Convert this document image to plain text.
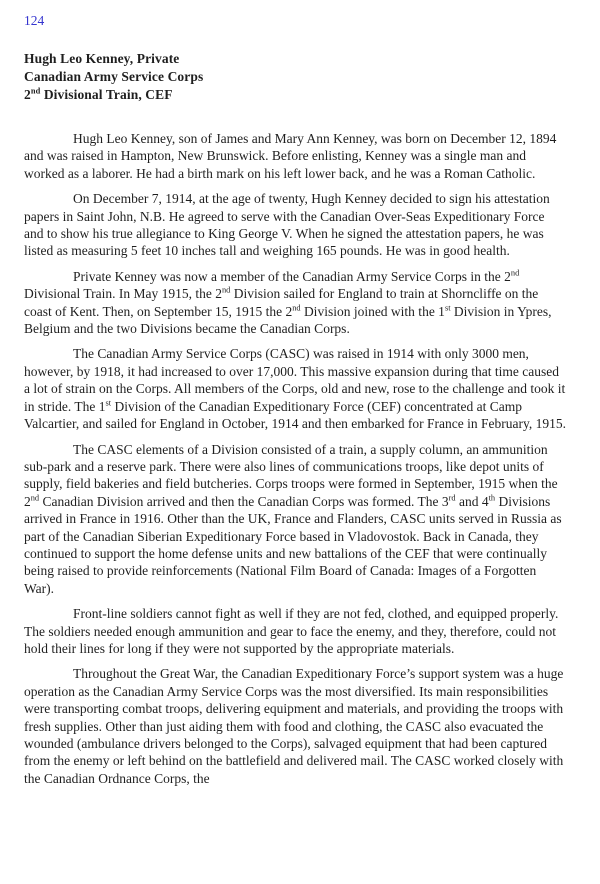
124
Hugh Leo Kenney, Private
Canadian Army Service Corps
2nd Divisional Train, CEF

Hugh Leo Kenney, son of James and Mary Ann Kenney, was born on December 12, 1894 and was raised in Hampton, New Brunswick. Before enlisting, Kenney was a single man and worked as a laborer. He had a birth mark on his left lower back, and he was a Roman Catholic.

On December 7, 1914, at the age of twenty, Hugh Kenney decided to sign his attestation papers in Saint John, N.B. He agreed to serve with the Canadian Over-Seas Expeditionary Force and to show his true allegiance to King George V. When he signed the attestation papers, he was listed as measuring 5 feet 10 inches tall and weighing 165 pounds. He was in good health.

Private Kenney was now a member of the Canadian Army Service Corps in the 2nd Divisional Train. In May 1915, the 2nd Division sailed for England to train at Shorncliffe on the coast of Kent. Then, on September 15, 1915 the 2nd Division joined with the 1st Division in Ypres, Belgium and the two Divisions became the Canadian Corps.

The Canadian Army Service Corps (CASC) was raised in 1914 with only 3000 men, however, by 1918, it had increased to over 17,000. This massive expansion during that time caused a lot of strain on the Corps. All members of the Corps, old and new, rose to the challenge and took it in stride. The 1st Division of the Canadian Expeditionary Force (CEF) concentrated at Camp Valcartier, and sailed for England in October, 1914 and then embarked for France in February, 1915.

The CASC elements of a Division consisted of a train, a supply column, an ammunition sub-park and a reserve park. There were also lines of communications troops, like depot units of supply, field bakeries and field butcheries. Corps troops were formed in September, 1915 when the 2nd Canadian Division arrived and then the Canadian Corps was formed. The 3rd and 4th Divisions arrived in France in 1916. Other than the UK, France and Flanders, CASC units served in Russia as part of the Canadian Siberian Expeditionary Force based in Vladovostok. Back in Canada, they continued to support the home defense units and new battalions of the CEF that were continually being raised to provide reinforcements (National Film Board of Canada: Images of a Forgotten War).

Front-line soldiers cannot fight as well if they are not fed, clothed, and equipped properly. The soldiers needed enough ammunition and gear to face the enemy, and they, therefore, could not hold their lines for long if they were not supported by the appropriate materials.

Throughout the Great War, the Canadian Expeditionary Force’s support system was a huge operation as the Canadian Army Service Corps was the most diversified. Its main responsibilities were transporting combat troops, delivering equipment and materials, and providing the troops with fresh supplies. Other than just aiding them with food and clothing, the CASC also evacuated the wounded (ambulance drivers belonged to the Corps), salvaged equipment that had been captured from the enemy or left behind on the battlefield and delivered mail. The CASC worked closely with the Canadian Ordnance Corps, the
